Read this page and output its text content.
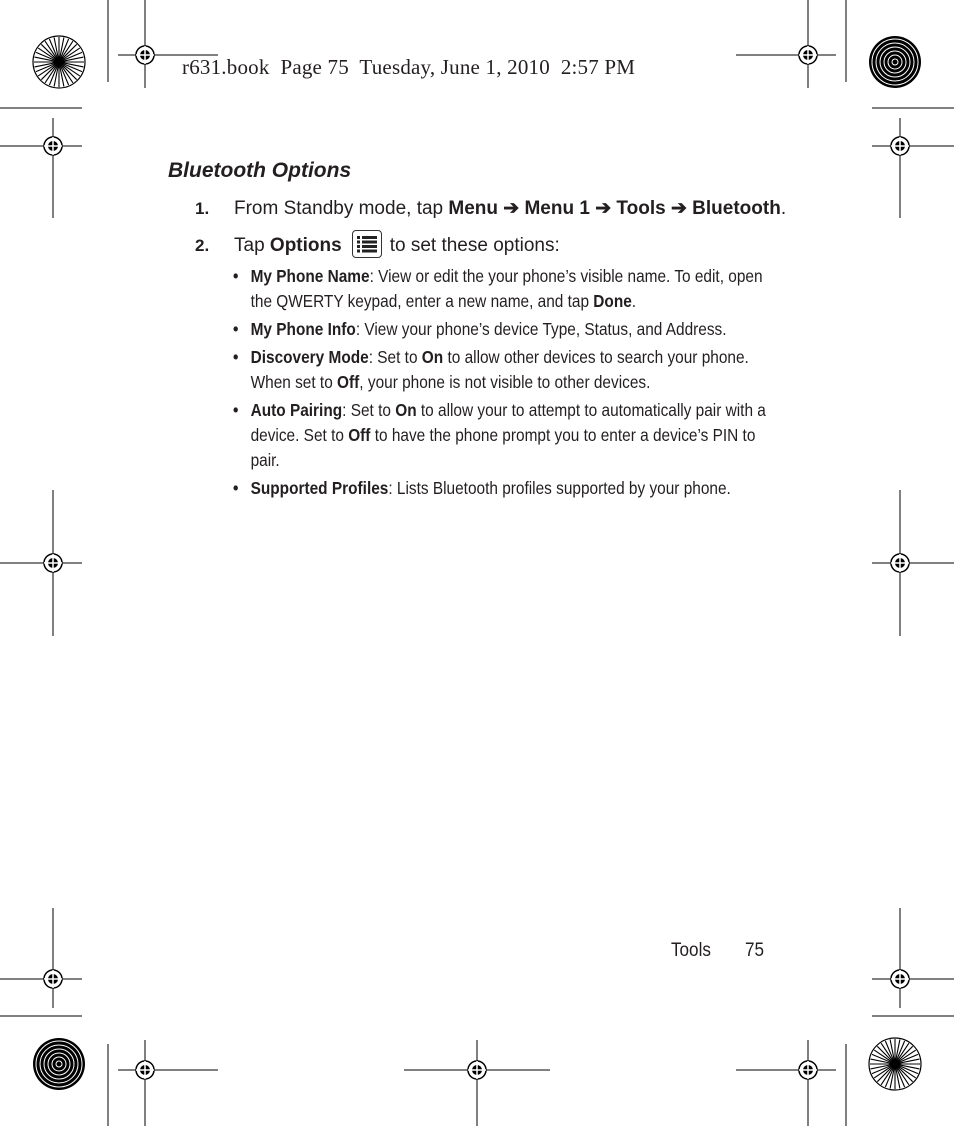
r631.book  Page 75  Tuesday, June 1, 2010  2:57 PM
Bluetooth Options
1. From Standby mode, tap Menu ➔ Menu 1 ➔ Tools ➔ Bluetooth.
2. Tap Options	to set these options:
• My Phone Name: View or edit the your phone’s visible name. To edit, open the QWERTY keypad, enter a new name, and tap Done.
• My Phone Info: View your phone’s device Type, Status, and Address.
• Discovery Mode: Set to On to allow other devices to search your phone. When set to Off, your phone is not visible to other devices.
• Auto Pairing: Set to On to allow your to attempt to automatically pair with a device. Set to Off to have the phone prompt you to enter a device’s PIN to pair.
• Supported Profiles: Lists Bluetooth profiles supported by your phone.
Tools 75
